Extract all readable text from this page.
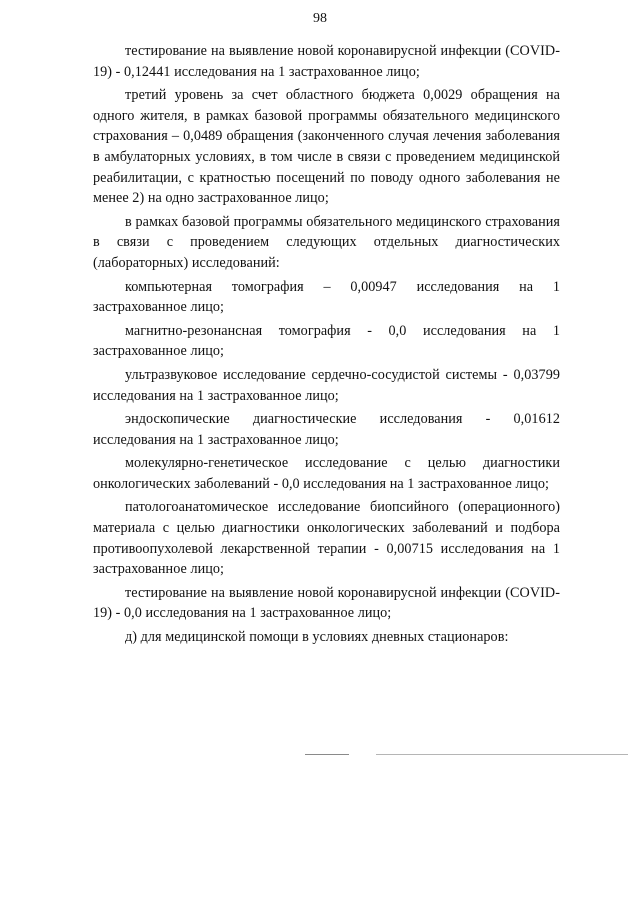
98

тестирование на выявление новой коронавирусной инфекции (COVID-19) - 0,12441 исследования на 1 застрахованное лицо;

третий уровень за счет областного бюджета 0,0029 обращения на одного жителя, в рамках базовой программы обязательного медицинского страхования – 0,0489 обращения (законченного случая лечения заболевания в амбулаторных условиях, в том числе в связи с проведением медицинской реабилитации, с кратностью посещений по поводу одного заболевания не менее 2) на одно застрахованное лицо;

в рамках базовой программы обязательного медицинского страхования в связи с проведением следующих отдельных диагностических (лабораторных) исследований:

компьютерная томография – 0,00947 исследования на 1 застрахованное лицо;

магнитно-резонансная томография - 0,0 исследования на 1 застрахованное лицо;

ультразвуковое исследование сердечно-сосудистой системы - 0,03799 исследования на 1 застрахованное лицо;

эндоскопические диагностические исследования - 0,01612 исследования на 1 застрахованное лицо;

молекулярно-генетическое исследование с целью диагностики онкологических заболеваний - 0,0 исследования на 1 застрахованное лицо;

патологоанатомическое исследование биопсийного (операционного) материала с целью диагностики онкологических заболеваний и подбора противоопухолевой лекарственной терапии - 0,00715 исследования на 1 застрахованное лицо;

тестирование на выявление новой коронавирусной инфекции (COVID-19) - 0,0 исследования на 1 застрахованное лицо;

д) для медицинской помощи в условиях дневных стационаров:
